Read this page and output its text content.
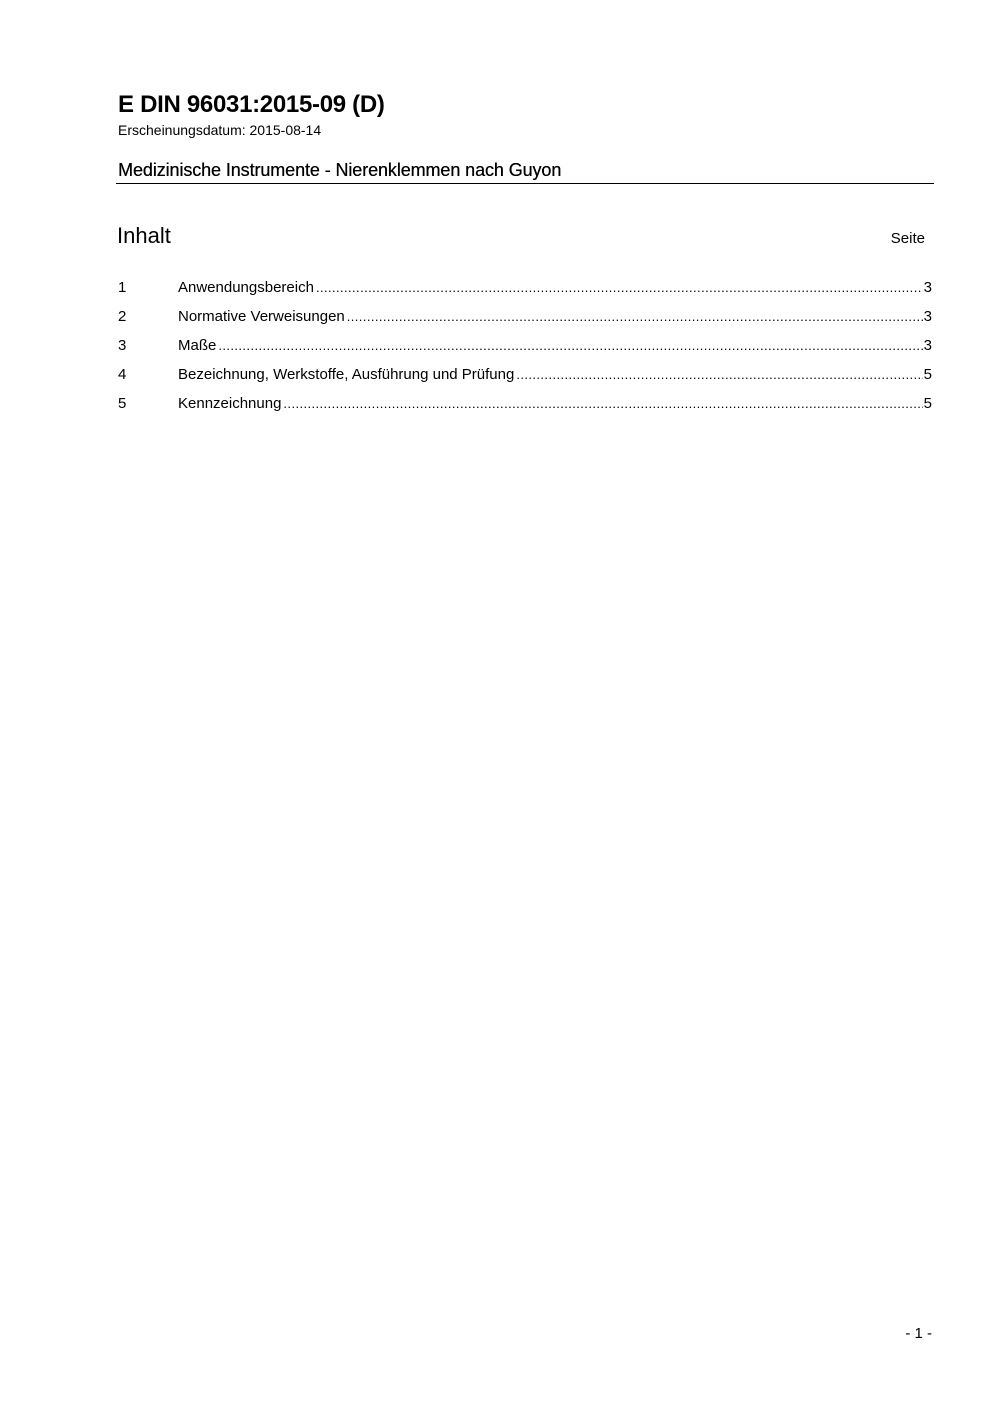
E DIN 96031:2015-09 (D)
Erscheinungsdatum: 2015-08-14
Medizinische Instrumente - Nierenklemmen nach Guyon
Inhalt	Seite
1	Anwendungsbereich .....	3
2	Normative Verweisungen .....	3
3	Maße .....	3
4	Bezeichnung, Werkstoffe, Ausführung und Prüfung .....	5
5	Kennzeichnung .....	5
- 1 -
